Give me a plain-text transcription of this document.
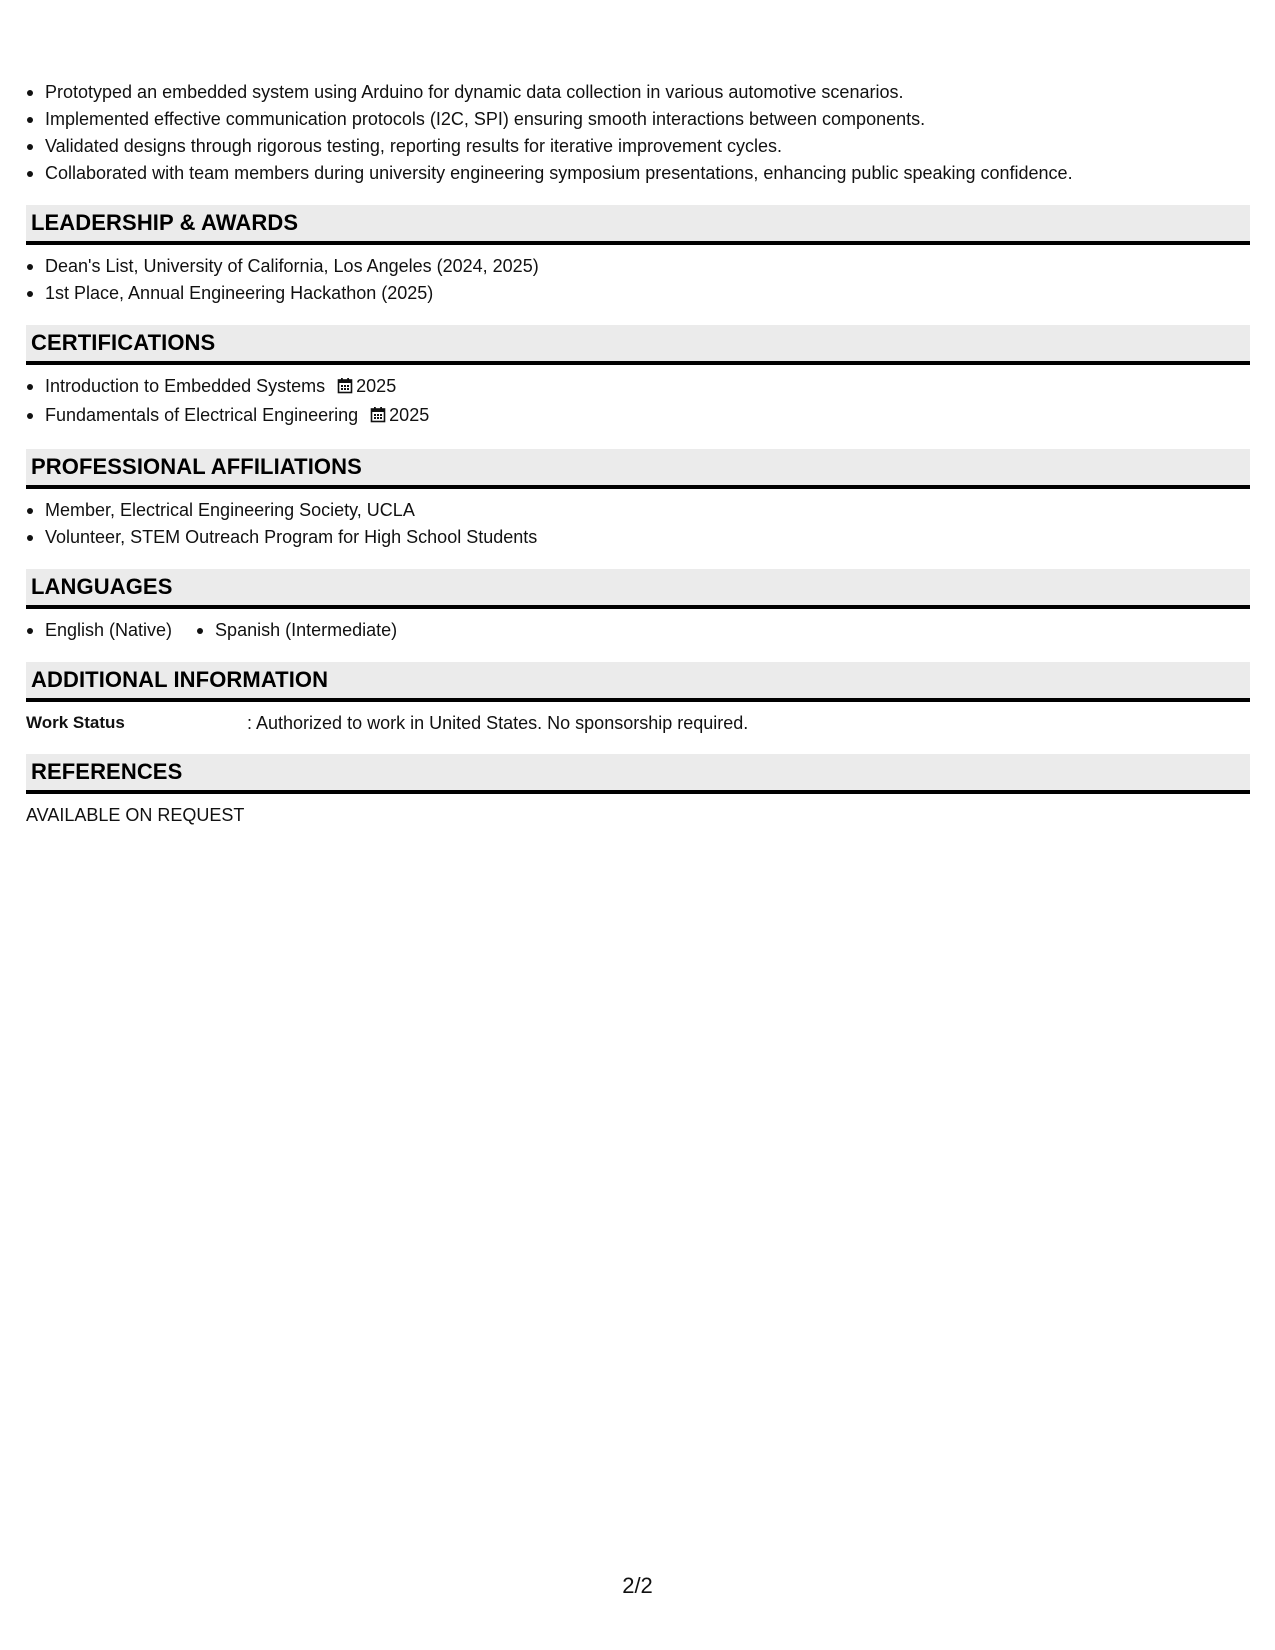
Prototyped an embedded system using Arduino for dynamic data collection in various automotive scenarios.
Implemented effective communication protocols (I2C, SPI) ensuring smooth interactions between components.
Validated designs through rigorous testing, reporting results for iterative improvement cycles.
Collaborated with team members during university engineering symposium presentations, enhancing public speaking confidence.
LEADERSHIP & AWARDS
Dean's List, University of California, Los Angeles (2024, 2025)
1st Place, Annual Engineering Hackathon (2025)
CERTIFICATIONS
Introduction to Embedded Systems 2025
Fundamentals of Electrical Engineering 2025
PROFESSIONAL AFFILIATIONS
Member, Electrical Engineering Society, UCLA
Volunteer, STEM Outreach Program for High School Students
LANGUAGES
English (Native)	Spanish (Intermediate)
ADDITIONAL INFORMATION
Work Status	: Authorized to work in United States. No sponsorship required.
REFERENCES
AVAILABLE ON REQUEST
2/2
